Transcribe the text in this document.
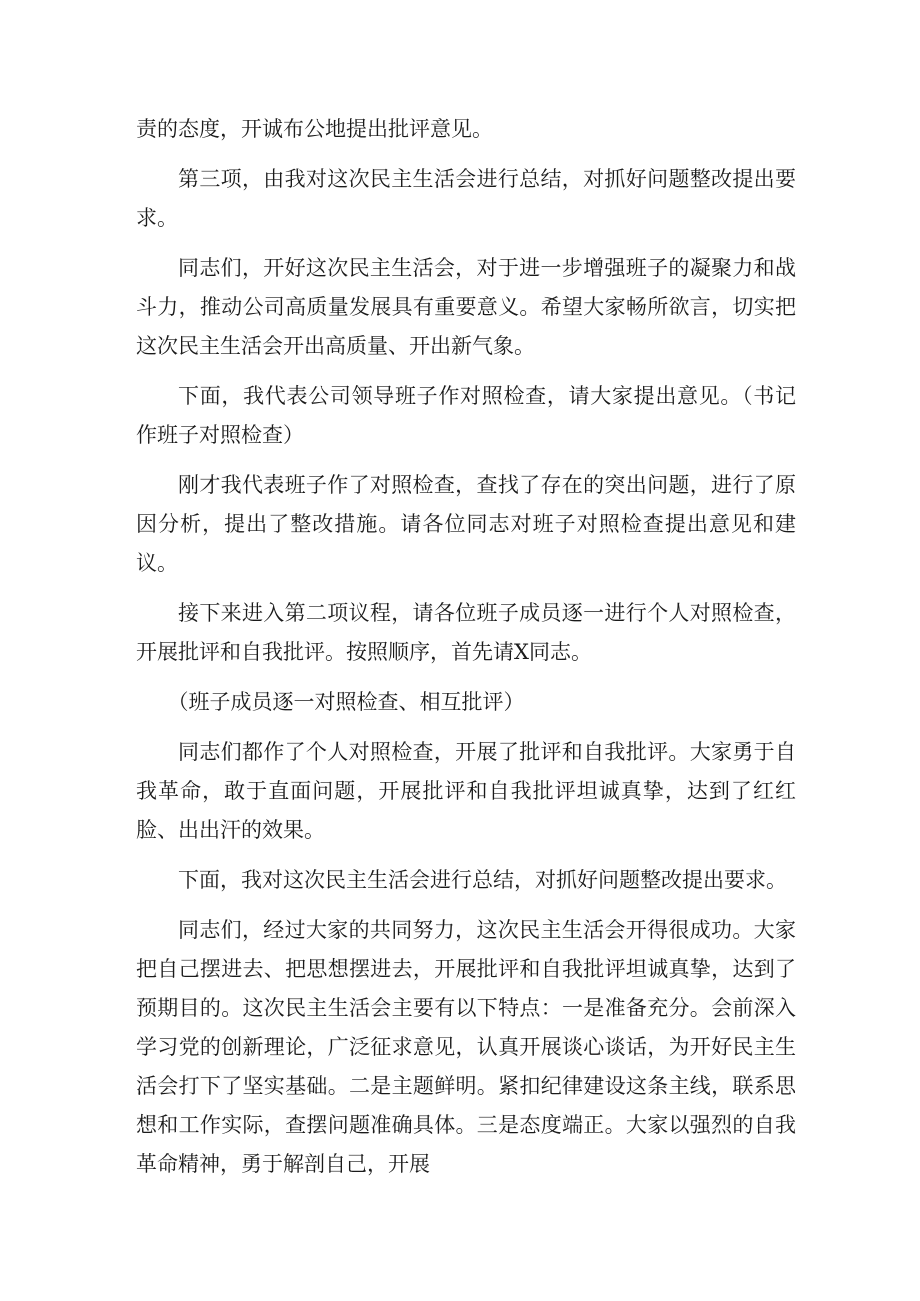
责的态度，开诚布公地提出批评意见。

第三项，由我对这次民主生活会进行总结，对抓好问题整改提出要求。

同志们，开好这次民主生活会，对于进一步增强班子的凝聚力和战斗力，推动公司高质量发展具有重要意义。希望大家畅所欲言，切实把这次民主生活会开出高质量、开出新气象。

下面，我代表公司领导班子作对照检查，请大家提出意见。（书记作班子对照检查）

刚才我代表班子作了对照检查，查找了存在的突出问题，进行了原因分析，提出了整改措施。请各位同志对班子对照检查提出意见和建议。

接下来进入第二项议程，请各位班子成员逐一进行个人对照检查，开展批评和自我批评。按照顺序，首先请X同志。

（班子成员逐一对照检查、相互批评）

同志们都作了个人对照检查，开展了批评和自我批评。大家勇于自我革命，敢于直面问题，开展批评和自我批评坦诚真挚，达到了红红脸、出出汗的效果。

下面，我对这次民主生活会进行总结，对抓好问题整改提出要求。

同志们，经过大家的共同努力，这次民主生活会开得很成功。大家把自己摆进去、把思想摆进去，开展批评和自我批评坦诚真挚，达到了预期目的。这次民主生活会主要有以下特点：一是准备充分。会前深入学习党的创新理论，广泛征求意见，认真开展谈心谈话，为开好民主生活会打下了坚实基础。二是主题鲜明。紧扣纪律建设这条主线，联系思想和工作实际，查摆问题准确具体。三是态度端正。大家以强烈的自我革命精神，勇于解剖自己，开展
